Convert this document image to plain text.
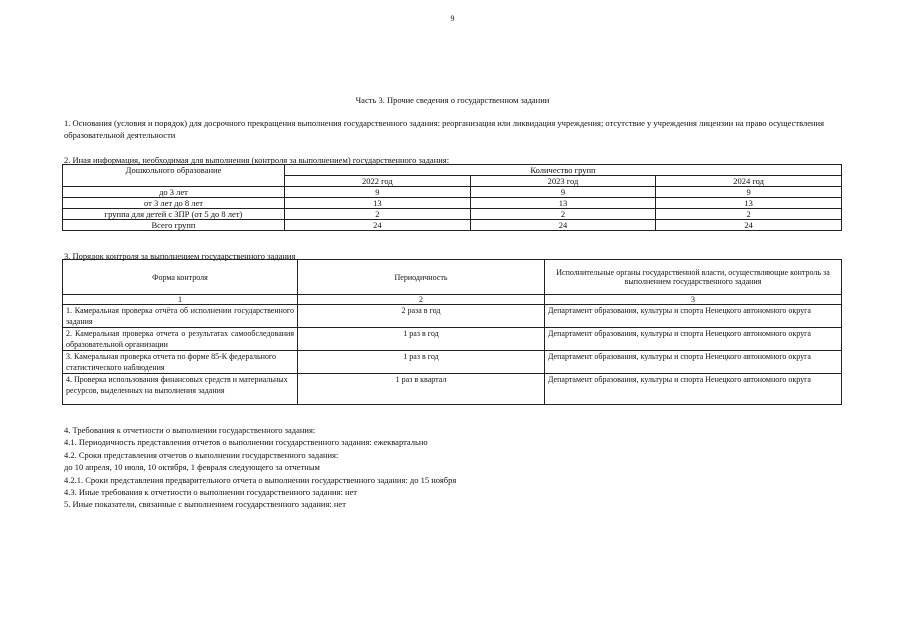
9
Часть 3. Прочие сведения о государственном задании
1. Основания (условия и порядок) для досрочного прекращения выполнения государственного задания: реорганизация или ликвидация учреждения; отсутствие у учреждения лицензии на право осуществления образовательной деятельности
2. Иная информация, необходимая для выполнения (контроля за выполнением) государственного задания:
Дошкольного образование	Количество групп		
	2022 год	2023 год	2024 год
до 3 лет	9	9	9
от 3 лет до 8 лет	13	13	13
группа для детей с ЗПР (от 5 до 8 лет)	2	2	2
Всего групп	24	24	24
3. Порядок контроля за выполнением государственного задания
Форма контроля	Периодичность	Исполнительные органы государственной власти, осуществляющие контроль за выполнением государственного задания
1	2	3
1. Камеральная проверка отчёта об исполнении государственного задания	2 раза в год	Департамент образования, культуры и спорта Ненецкого автономного округа
2. Камеральная проверка отчета о результатах самообследования образовательной организации	1 раз в год	Департамент образования, культуры и спорта Ненецкого автономного округа
3. Камеральная проверка отчета по форме 85-К федерального статистического наблюдения	1 раз в год	Департамент образования, культуры и спорта Ненецкого автономного округа
4. Проверка использования финансовых средств и материальных ресурсов, выделенных на выполнения задания	1 раз в квартал	Департамент образования, культуры и спорта Ненецкого автономного округа
4. Требования к отчетности о выполнении государственного задания:
4.1. Периодичность представления отчетов о выполнении государственного задания: ежеквартально
4.2. Сроки представления отчетов о выполнении государственного задания:
до 10 апреля, 10 июля, 10 октября, 1 февраля следующего за отчетным
4.2.1. Сроки представления предварительного отчета о выполнении государственного задания: до 15 ноября
4.3. Иные требования к отчетности о выполнении государственного задания: нет
5. Иные показатели, связанные с выполнением государственного задания: нет
